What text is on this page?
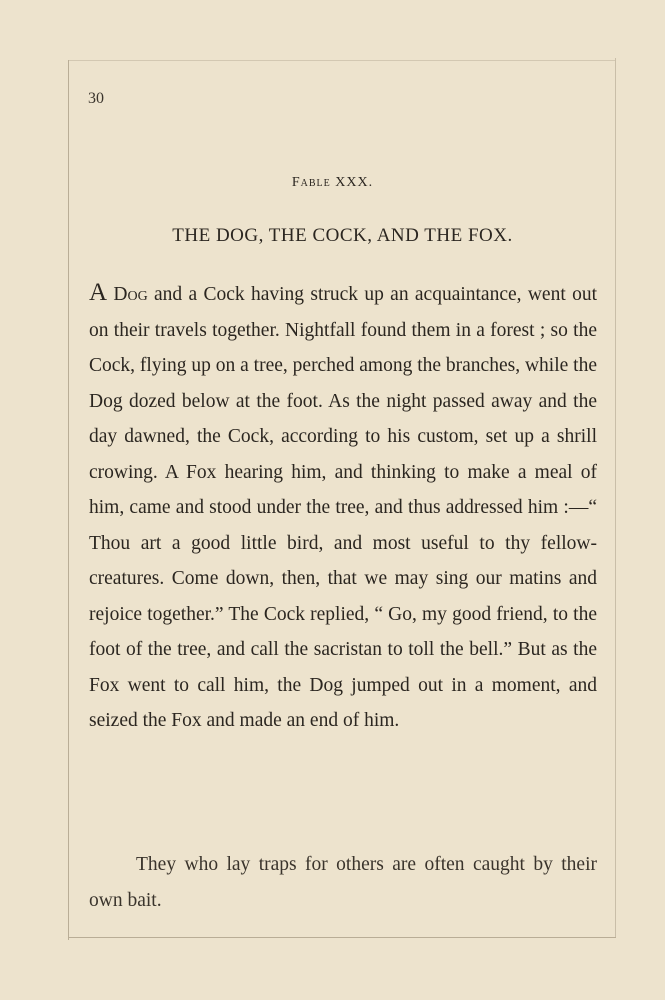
30
Fable XXX.
THE DOG, THE COCK, AND THE FOX.

A Dog and a Cock having struck up an acquaintance, went out on their travels together. Nightfall found them in a forest ; so the Cock, flying up on a tree, perched among the branches, while the Dog dozed below at the foot. As the night passed away and the day dawned, the Cock, according to his custom, set up a shrill crowing. A Fox hearing him, and thinking to make a meal of him, came and stood under the tree, and thus addressed him :—“ Thou art a good little bird, and most useful to thy fellow-creatures. Come down, then, that we may sing our matins and rejoice together.” The Cock replied, “ Go, my good friend, to the foot of the tree, and call the sacristan to toll the bell.” But as the Fox went to call him, the Dog jumped out in a moment, and seized the Fox and made an end of him.

They who lay traps for others are often caught by their own bait.
